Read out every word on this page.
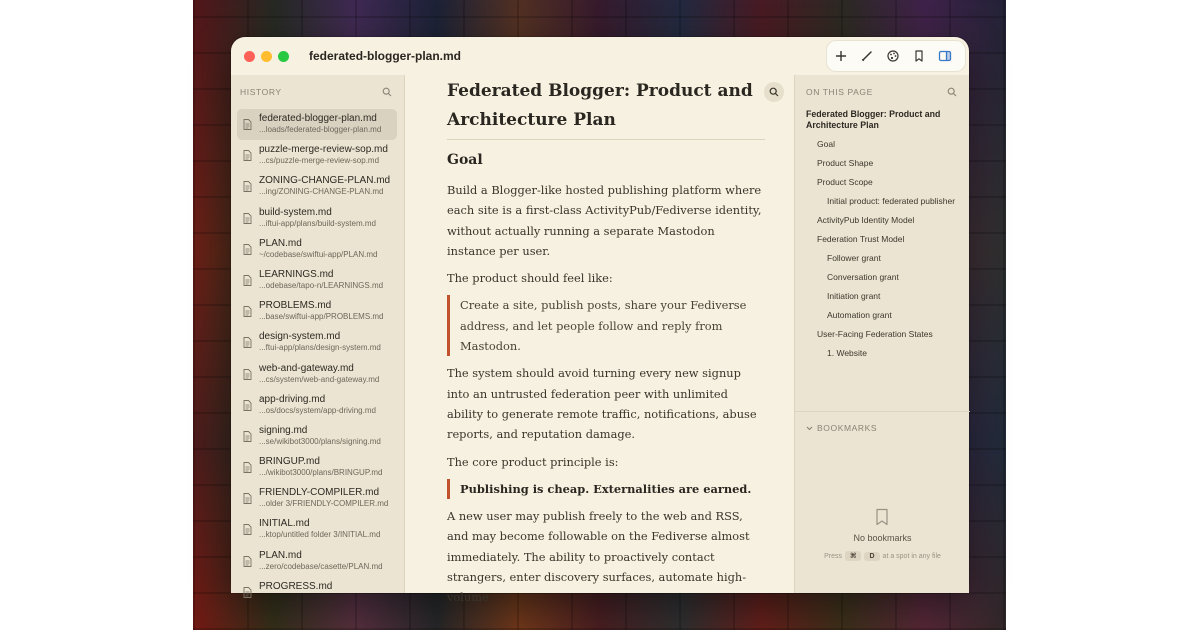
federated-blogger-plan.md
HISTORY
federated-blogger-plan.md
...loads/federated-blogger-plan.md
puzzle-merge-review-sop.md
...cs/puzzle-merge-review-sop.md
ZONING-CHANGE-PLAN.md
...ing/ZONING-CHANGE-PLAN.md
build-system.md
...iftui-app/plans/build-system.md
PLAN.md
~/codebase/swiftui-app/PLAN.md
LEARNINGS.md
...odebase/tapo-n/LEARNINGS.md
PROBLEMS.md
...base/swiftui-app/PROBLEMS.md
design-system.md
...ftui-app/plans/design-system.md
web-and-gateway.md
...cs/system/web-and-gateway.md
app-driving.md
...os/docs/system/app-driving.md
signing.md
...se/wikibot3000/plans/signing.md
BRINGUP.md
.../wikibot3000/plans/BRINGUP.md
FRIENDLY-COMPILER.md
...older 3/FRIENDLY-COMPILER.md
INITIAL.md
...ktop/untitled folder 3/INITIAL.md
PLAN.md
...zero/codebase/casette/PLAN.md
PROGRESS.md
Federated Blogger: Product and Architecture Plan
Goal
Build a Blogger-like hosted publishing platform where each site is a first-class ActivityPub/Fediverse identity, without actually running a separate Mastodon instance per user.
The product should feel like:
Create a site, publish posts, share your Fediverse address, and let people follow and reply from Mastodon.
The system should avoid turning every new signup into an untrusted federation peer with unlimited ability to generate remote traffic, notifications, abuse reports, and reputation damage.
The core product principle is:
Publishing is cheap. Externalities are earned.
A new user may publish freely to the web and RSS, and may become followable on the Fediverse almost immediately. The ability to proactively contact strangers, enter discovery surfaces, automate high-volume
ON THIS PAGE
Federated Blogger: Product and Architecture Plan
Goal
Product Shape
Product Scope
Initial product: federated publisher
ActivityPub Identity Model
Federation Trust Model
Follower grant
Conversation grant
Initiation grant
Automation grant
User-Facing Federation States
1. Website
BOOKMARKS
No bookmarks
Press	⌘	D	at a spot in any file
